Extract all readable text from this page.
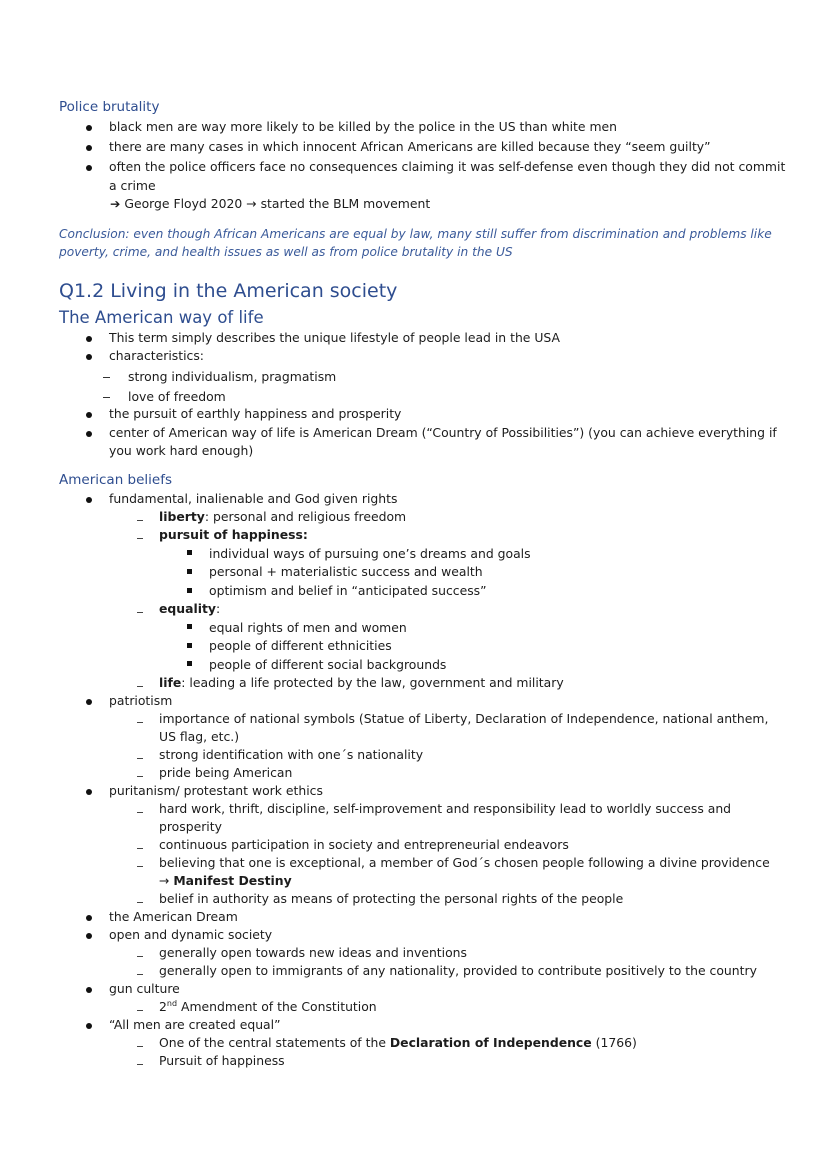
Police brutality
black men are way more likely to be killed by the police in the US than white men
there are many cases in which innocent African Americans are killed because they “seem guilty”
often the police officers face no consequences claiming it was self-defense even though they did not commit
a crime
➔ George Floyd 2020 → started the BLM movement
Conclusion: even though African Americans are equal by law, many still suffer from discrimination and problems like
poverty, crime, and health issues as well as from police brutality in the US
Q1.2 Living in the American society
The American way of life
This term simply describes the unique lifestyle of people lead in the USA
characteristics:
strong individualism, pragmatism
love of freedom
the pursuit of earthly happiness and prosperity
center of American way of life is American Dream (“Country of Possibilities”) (you can achieve everything if
you work hard enough)
American beliefs
fundamental, inalienable and God given rights
liberty: personal and religious freedom
pursuit of happiness:
individual ways of pursuing one’s dreams and goals
personal + materialistic success and wealth
optimism and belief in “anticipated success”
equality:
equal rights of men and women
people of different ethnicities
people of different social backgrounds
life: leading a life protected by the law, government and military
patriotism
importance of national symbols (Statue of Liberty, Declaration of Independence, national anthem,
US flag, etc.)
strong identification with one´s nationality
pride being American
puritanism/ protestant work ethics
hard work, thrift, discipline, self-improvement and responsibility lead to worldly success and
prosperity
continuous participation in society and entrepreneurial endeavors
believing that one is exceptional, a member of God´s chosen people following a divine providence
→ Manifest Destiny
belief in authority as means of protecting the personal rights of the people
the American Dream
open and dynamic society
generally open towards new ideas and inventions
generally open to immigrants of any nationality, provided to contribute positively to the country
gun culture
2nd Amendment of the Constitution
“All men are created equal”
One of the central statements of the Declaration of Independence (1766)
Pursuit of happiness
